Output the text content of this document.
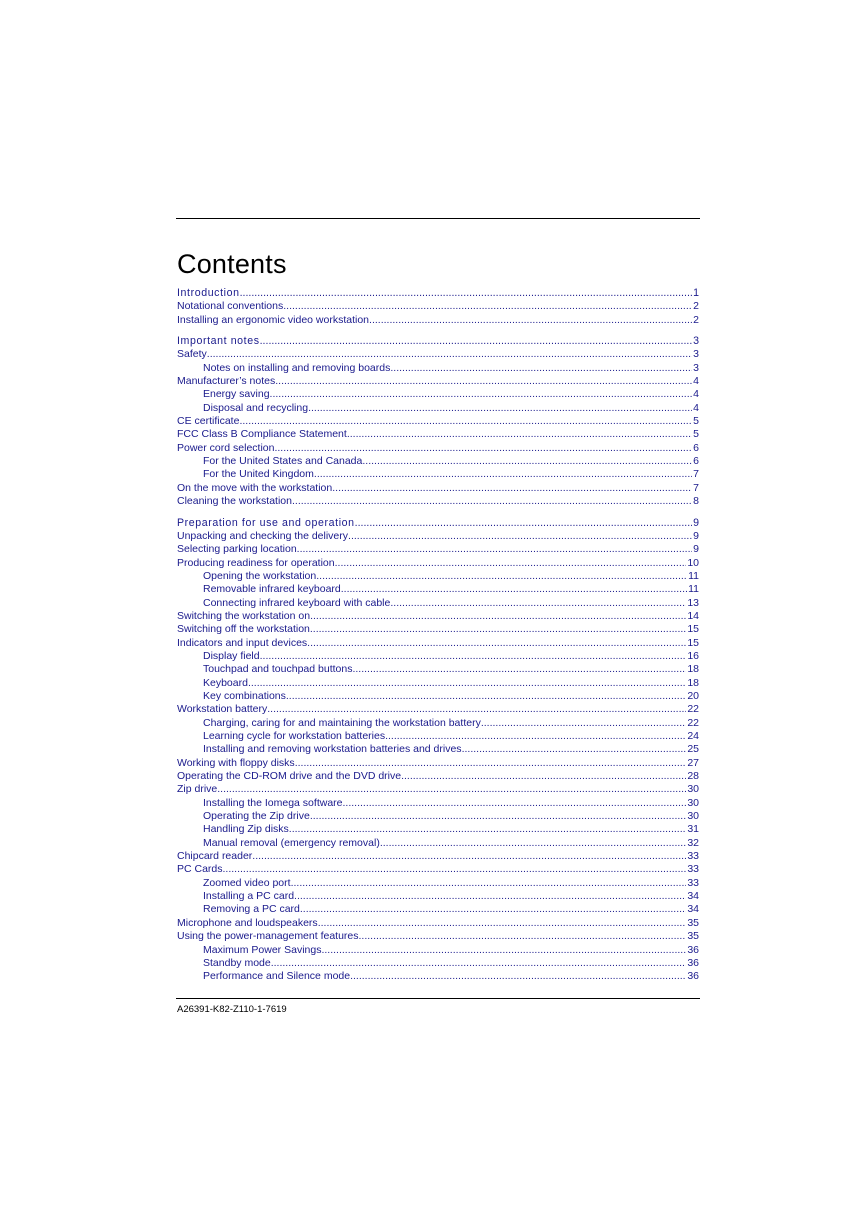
Contents
Introduction .....	1
Notational conventions .....	2
Installing an ergonomic video workstation .....	2
Important notes .....	3
Safety .....	3
Notes on installing and removing boards .....	3
Manufacturer’s notes .....	4
Energy saving .....	4
Disposal and recycling .....	4
CE certificate .....	5
FCC Class B Compliance Statement .....	5
Power cord selection .....	6
For the United States and Canada .....	6
For the United Kingdom .....	7
On the move with the workstation .....	7
Cleaning the workstation .....	8
Preparation for use and operation .....	9
Unpacking and checking the delivery .....	9
Selecting parking location .....	9
Producing readiness for operation .....	10
Opening the workstation .....	11
Removable infrared keyboard .....	11
Connecting infrared keyboard with cable .....	13
Switching the workstation on .....	14
Switching off the workstation .....	15
Indicators and input devices .....	15
Display field .....	16
Touchpad and touchpad buttons .....	18
Keyboard .....	18
Key combinations .....	20
Workstation battery .....	22
Charging, caring for and maintaining the workstation battery .....	22
Learning cycle for workstation batteries .....	24
Installing and removing workstation batteries and drives .....	25
Working with floppy disks .....	27
Operating the CD-ROM drive and the DVD drive .....	28
Zip drive .....	30
Installing the Iomega software .....	30
Operating the Zip drive .....	30
Handling Zip disks .....	31
Manual removal (emergency removal) .....	32
Chipcard reader .....	33
PC Cards .....	33
Zoomed video port .....	33
Installing a PC card .....	34
Removing a PC card .....	34
Microphone and loudspeakers .....	35
Using the power-management features .....	35
Maximum Power Savings .....	36
Standby mode .....	36
Performance and Silence mode .....	36
A26391-K82-Z110-1-7619
